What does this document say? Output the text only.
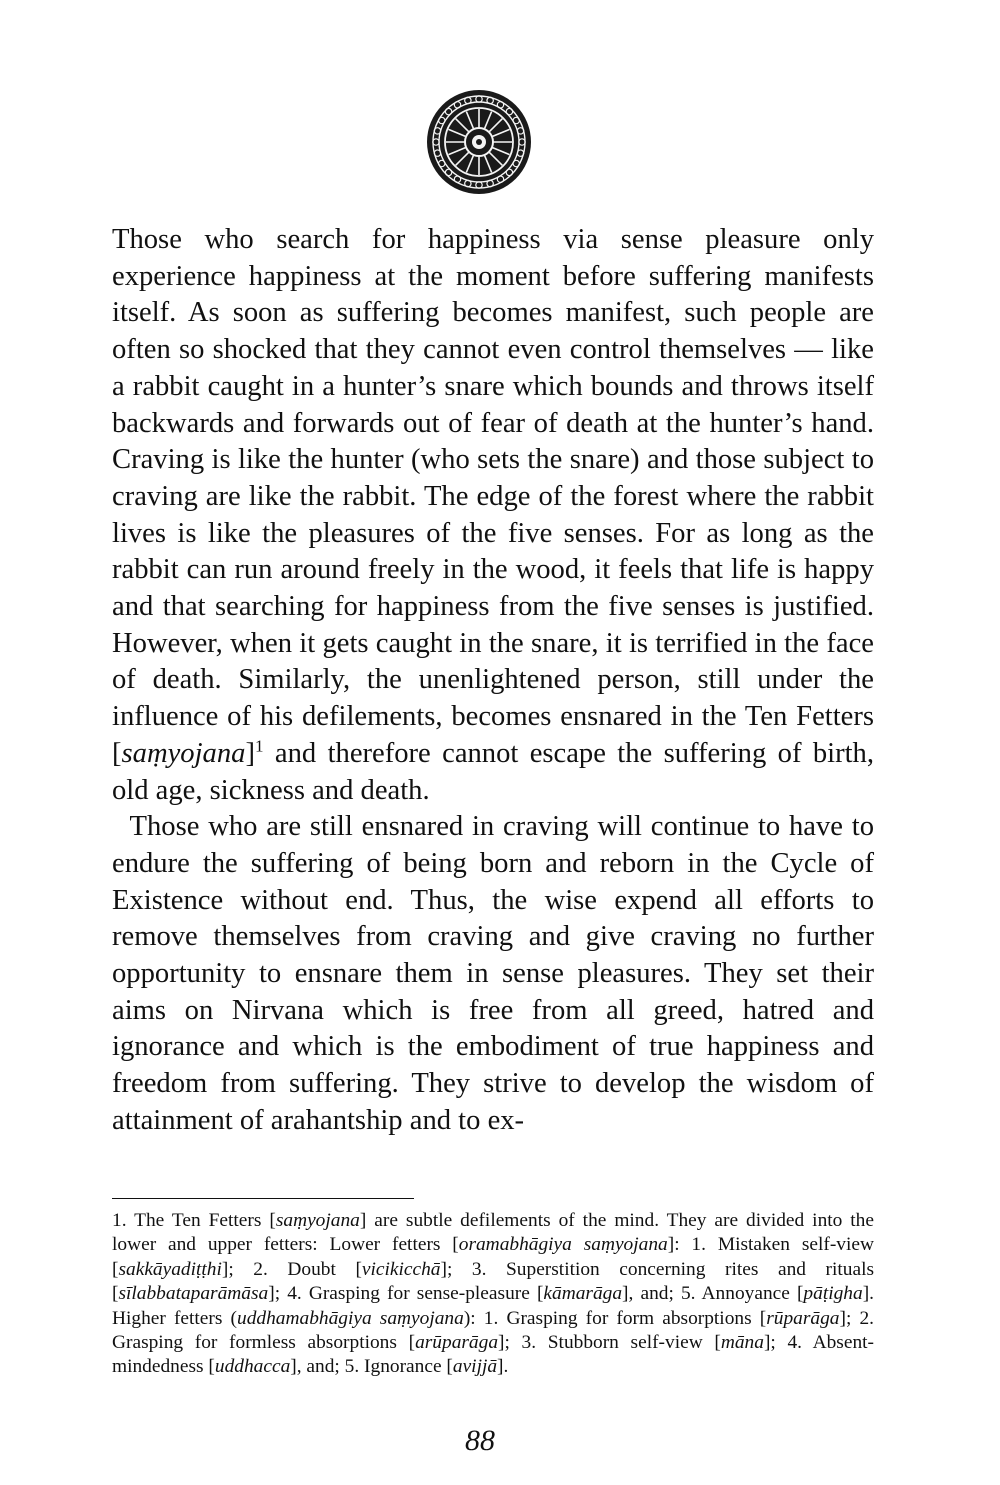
Those who search for happiness via sense pleasure only experience happiness at the moment before suffering manifests itself. As soon as suffering becomes manifest, such people are often so shocked that they cannot even control themselves — like a rabbit caught in a hunter’s snare which bounds and throws itself backwards and forwards out of fear of death at the hunter’s hand. Craving is like the hunter (who sets the snare) and those subject to craving are like the rabbit. The edge of the forest where the rabbit lives is like the pleasures of the five senses. For as long as the rabbit can run around freely in the wood, it feels that life is happy and that searching for happiness from the five senses is justified. However, when it gets caught in the snare, it is terrified in the face of death. Similarly, the unenlightened person, still under the influence of his defilements, becomes ensnared in the Ten Fetters [saṃyojana]$^1$ and therefore cannot escape the suffering of birth, old age, sickness and death.

Those who are still ensnared in craving will continue to have to endure the suffering of being born and reborn in the Cycle of Existence without end. Thus, the wise expend all efforts to remove themselves from craving and give craving no further opportunity to ensnare them in sense pleasures. They set their aims on Nirvana which is free from all greed, hatred and ignorance and which is the embodiment of true happiness and freedom from suffering. They strive to develop the wisdom of attainment of arahantship and to ex-

1. The Ten Fetters [saṃyojana] are subtle defilements of the mind. They are divided into the lower and upper fetters: Lower fetters [oramabhāgiya saṃyojana]: 1. Mistaken self-view [sakkāyadiṭṭhi]; 2. Doubt [vicikicchā]; 3. Superstition concerning rites and rituals [sīlabbataparāmāsa]; 4. Grasping for sense-pleasure [kāmarāga], and; 5. Annoyance [pāṭigha]. Higher fetters (uddhamabhāgiya saṃyojana): 1. Grasping for form absorptions [rūparāga]; 2. Grasping for formless absorptions [arūparāga]; 3. Stubborn self-view [māna]; 4. Absent-mindedness [uddhacca], and; 5. Ignorance [avijjā].

88
